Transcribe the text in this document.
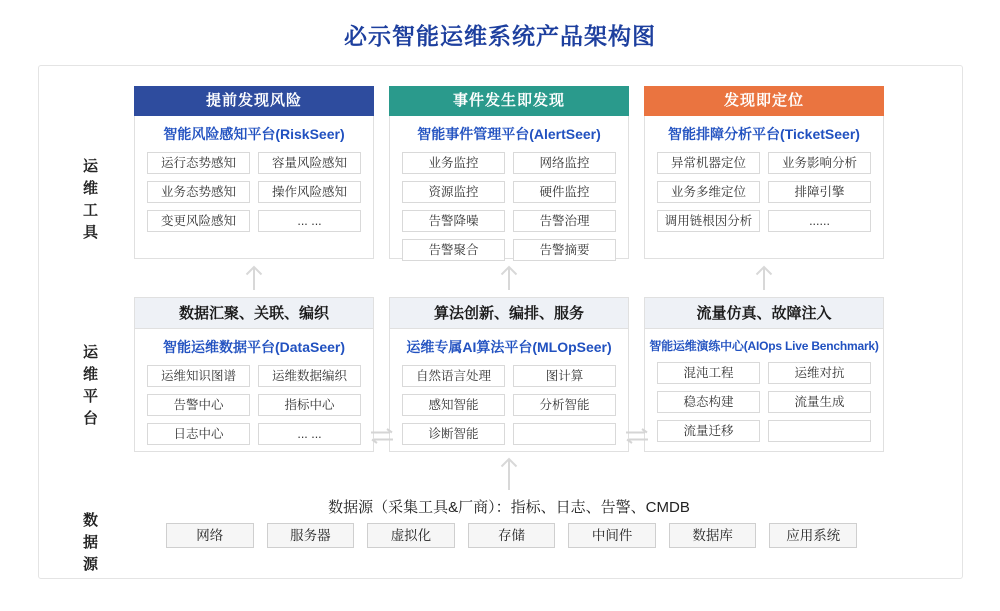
必示智能运维系统产品架构图
运维工具
运维平台
数据源
提前发现风险
智能风险感知平台(RiskSeer)
运行态势感知	容量风险感知
业务态势感知	操作风险感知
变更风险感知	... ...
事件发生即发现
智能事件管理平台(AlertSeer)
业务监控	网络监控
资源监控	硬件监控
告警降噪	告警治理
告警聚合	告警摘要
发现即定位
智能排障分析平台(TicketSeer)
异常机器定位	业务影响分析
业务多维定位	排障引擎
调用链根因分析	......
数据汇聚、关联、编织
智能运维数据平台(DataSeer)
运维知识图谱	运维数据编织
告警中心	指标中心
日志中心	... ...
算法创新、编排、服务
运维专属AI算法平台(MLOpSeer)
自然语言处理	图计算
感知智能	分析智能
诊断智能
流量仿真、故障注入
智能运维演练中心(AIOps Live Benchmark)
混沌工程	运维对抗
稳态构建	流量生成
流量迁移
数据源（采集工具&厂商）：指标、日志、告警、CMDB
网络	服务器	虚拟化	存储	中间件	数据库	应用系统
